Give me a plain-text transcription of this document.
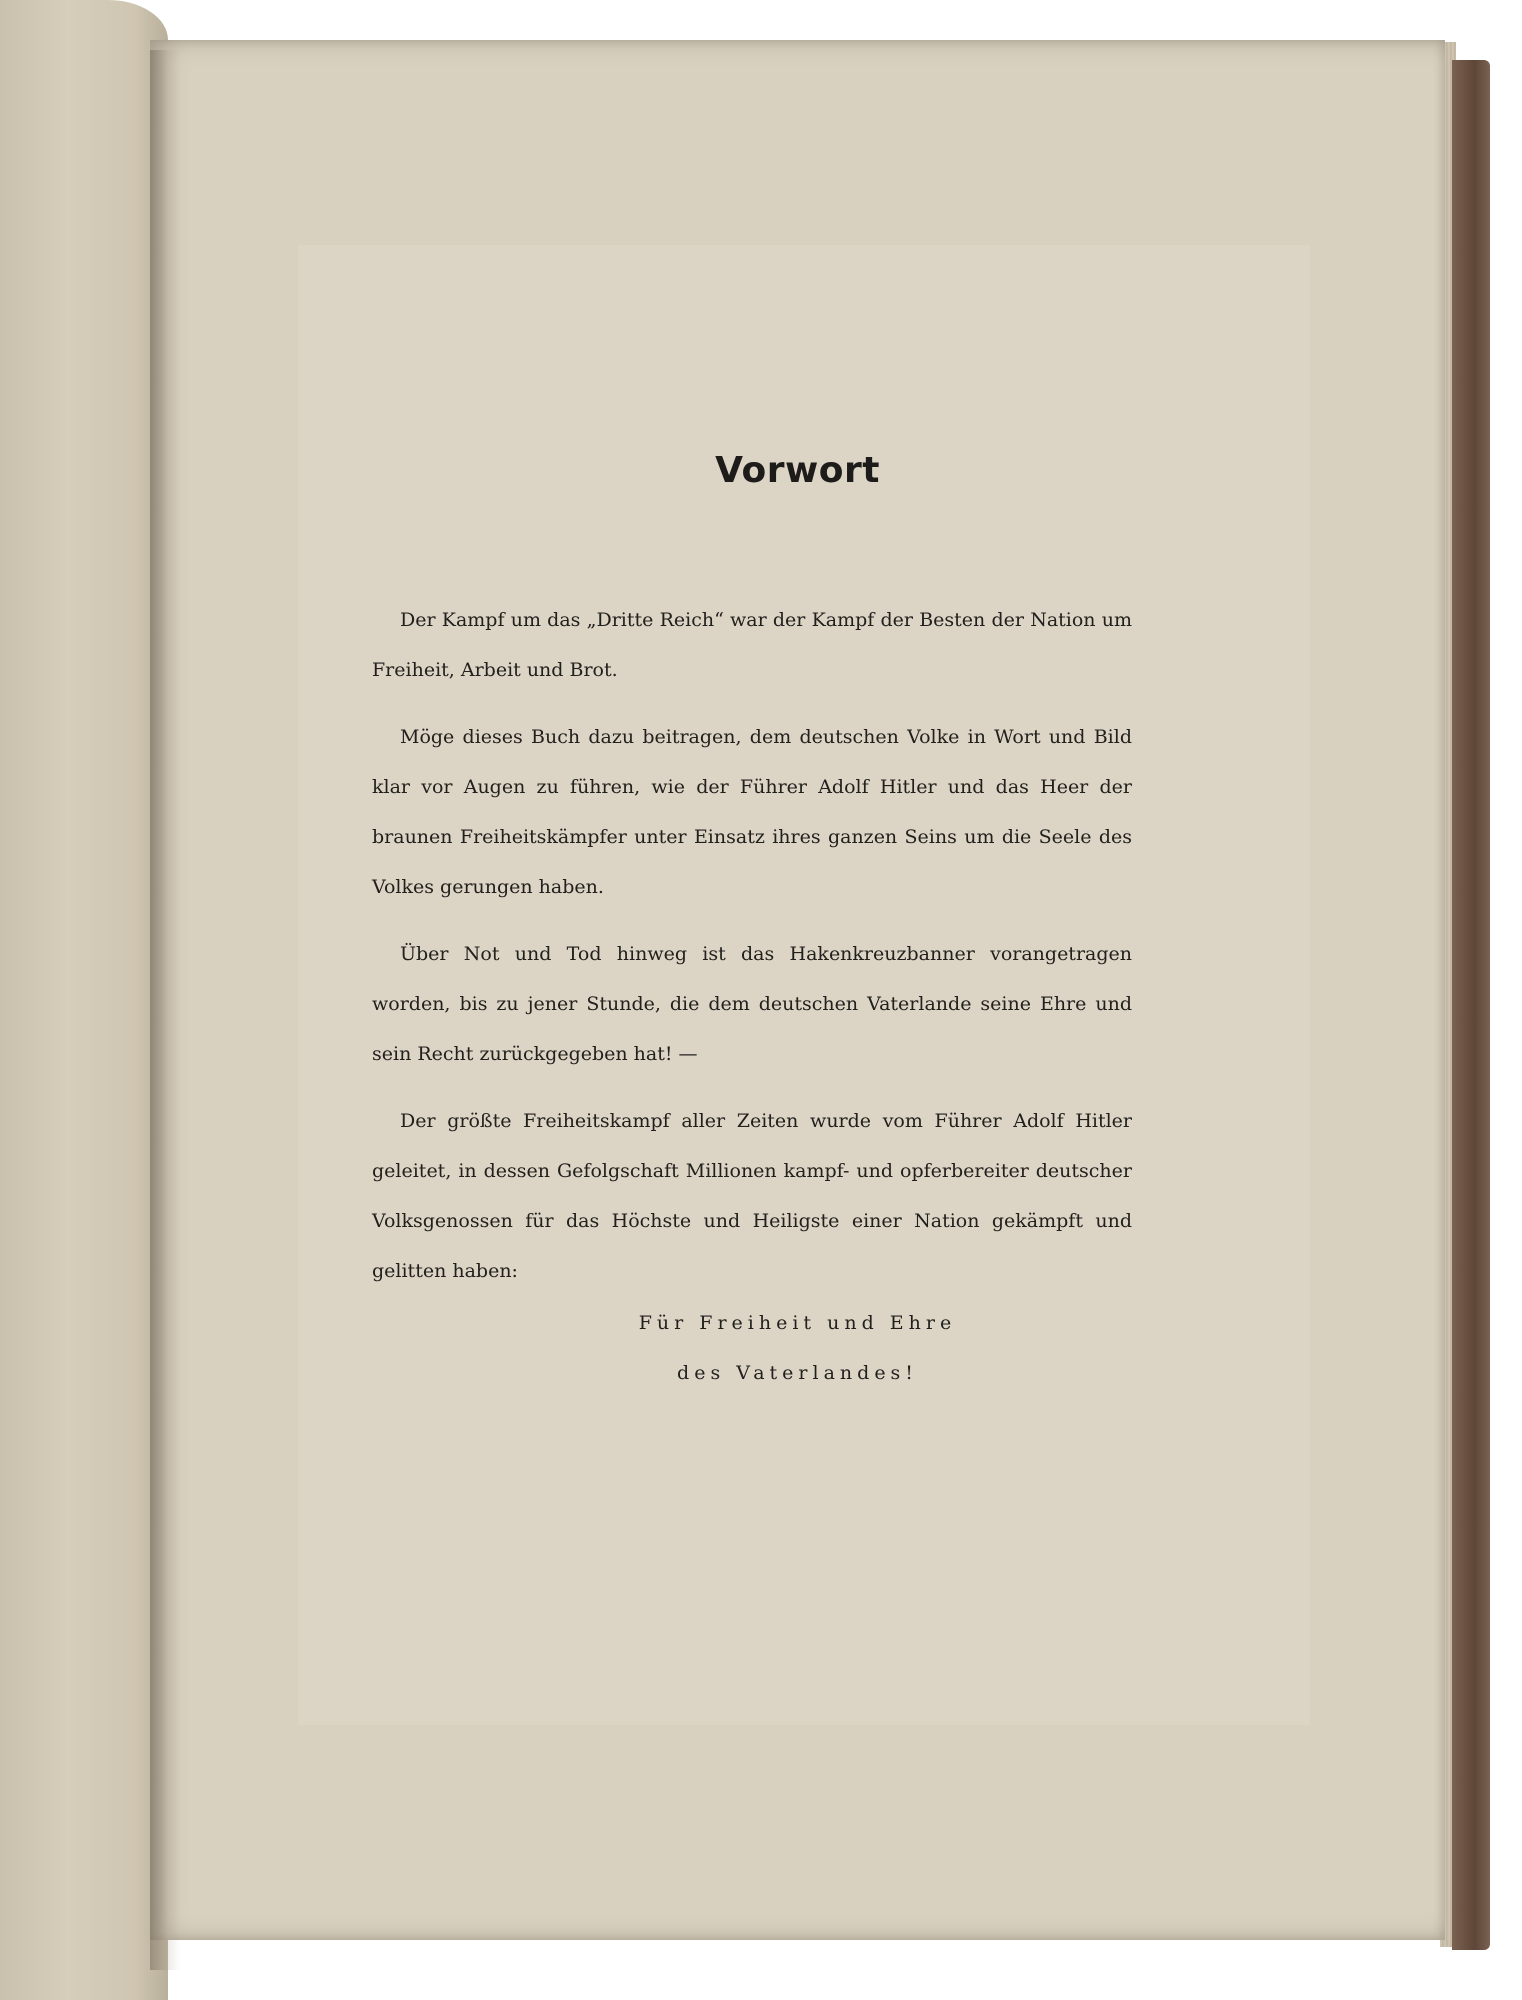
Vorwort

Der Kampf um das „Dritte Reich“ war der Kampf der Besten der Nation um Freiheit, Arbeit und Brot.

Möge dieses Buch dazu beitragen, dem deutschen Volke in Wort und Bild klar vor Augen zu führen, wie der Führer Adolf Hitler und das Heer der braunen Freiheitskämpfer unter Einsatz ihres ganzen Seins um die Seele des Volkes gerungen haben.

Über Not und Tod hinweg ist das Hakenkreuzbanner vorangetragen worden, bis zu jener Stunde, die dem deutschen Vaterlande seine Ehre und sein Recht zurückgegeben hat! —

Der größte Freiheitskampf aller Zeiten wurde vom Führer Adolf Hitler geleitet, in dessen Gefolgschaft Millionen kampf- und opferbereiter deutscher Volksgenossen für das Höchste und Heiligste einer Nation gekämpft und gelitten haben:

Für Freiheit und Ehre
des Vaterlandes!
